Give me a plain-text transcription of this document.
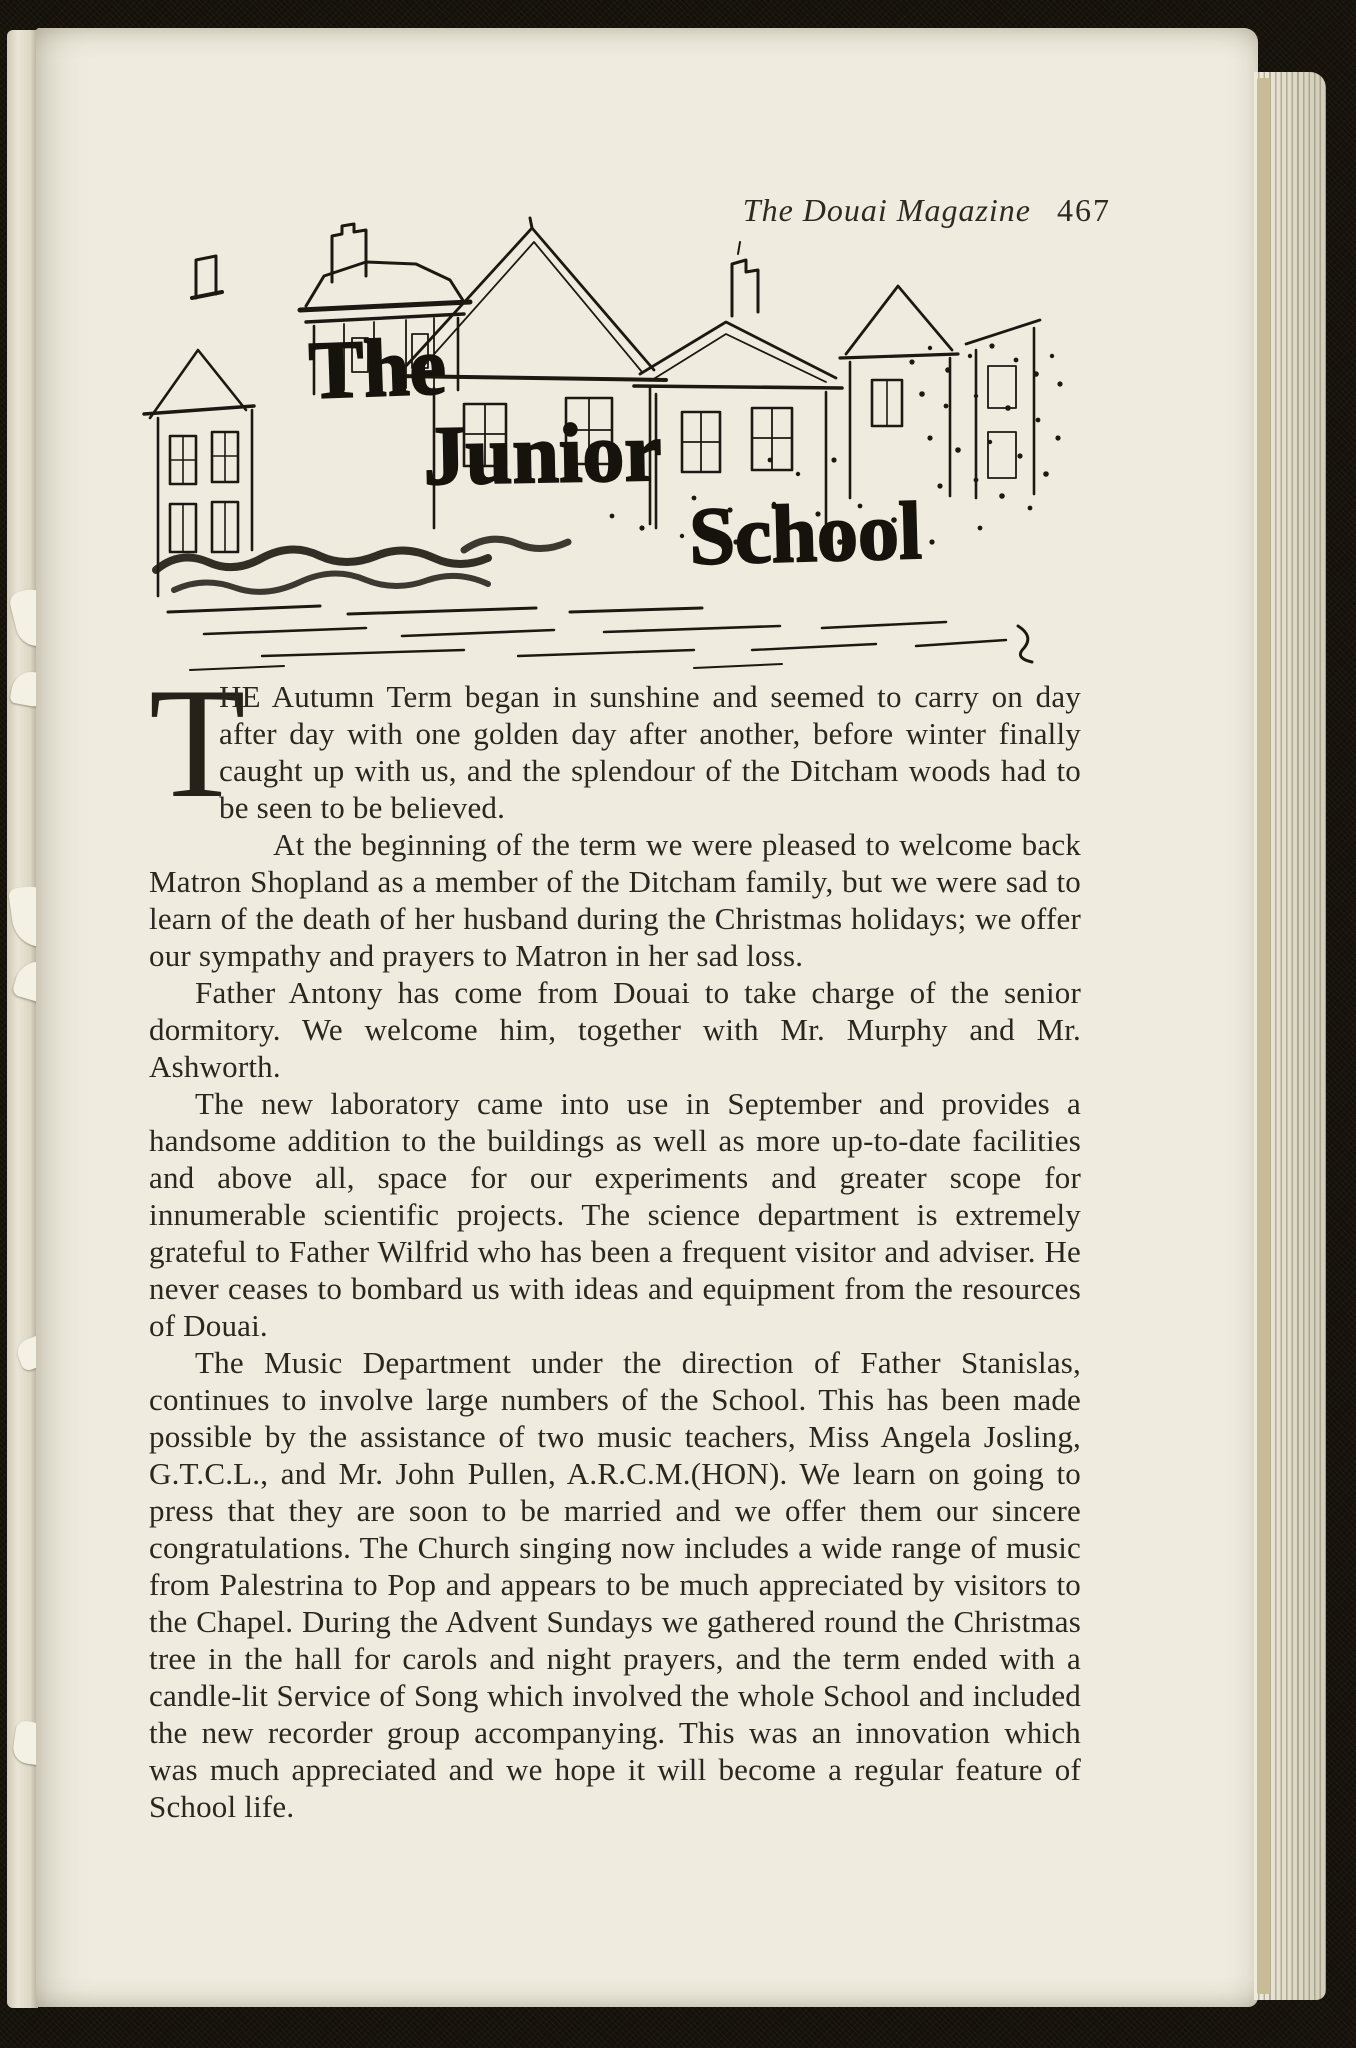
The Douai Magazine 467
The
Junior
School

T
HE Autumn Term began in sunshine and seemed to carry on day after day with one golden day after another, before winter finally caught up with us, and the splendour of the Ditcham woods had to be seen to be believed.

At the beginning of the term we were pleased to welcome back Matron Shopland as a member of the Ditcham family, but we were sad to learn of the death of her husband during the Christmas holidays; we offer our sympathy and prayers to Matron in her sad loss.

Father Antony has come from Douai to take charge of the senior dormitory. We welcome him, together with Mr. Murphy and Mr. Ashworth.

The new laboratory came into use in September and provides a handsome addition to the buildings as well as more up-to-date facilities and above all, space for our experiments and greater scope for innumerable scientific projects. The science department is extremely grateful to Father Wilfrid who has been a frequent visitor and adviser. He never ceases to bombard us with ideas and equipment from the resources of Douai.

The Music Department under the direction of Father Stanislas, continues to involve large numbers of the School. This has been made possible by the assistance of two music teachers, Miss Angela Josling, G.T.C.L., and Mr. John Pullen, A.R.C.M.(HON). We learn on going to press that they are soon to be married and we offer them our sincere congratulations. The Church singing now includes a wide range of music from Palestrina to Pop and appears to be much appreciated by visitors to the Chapel. During the Advent Sundays we gathered round the Christmas tree in the hall for carols and night prayers, and the term ended with a candle-lit Service of Song which involved the whole School and included the new recorder group accompanying. This was an innovation which was much appreciated and we hope it will become a regular feature of School life.
